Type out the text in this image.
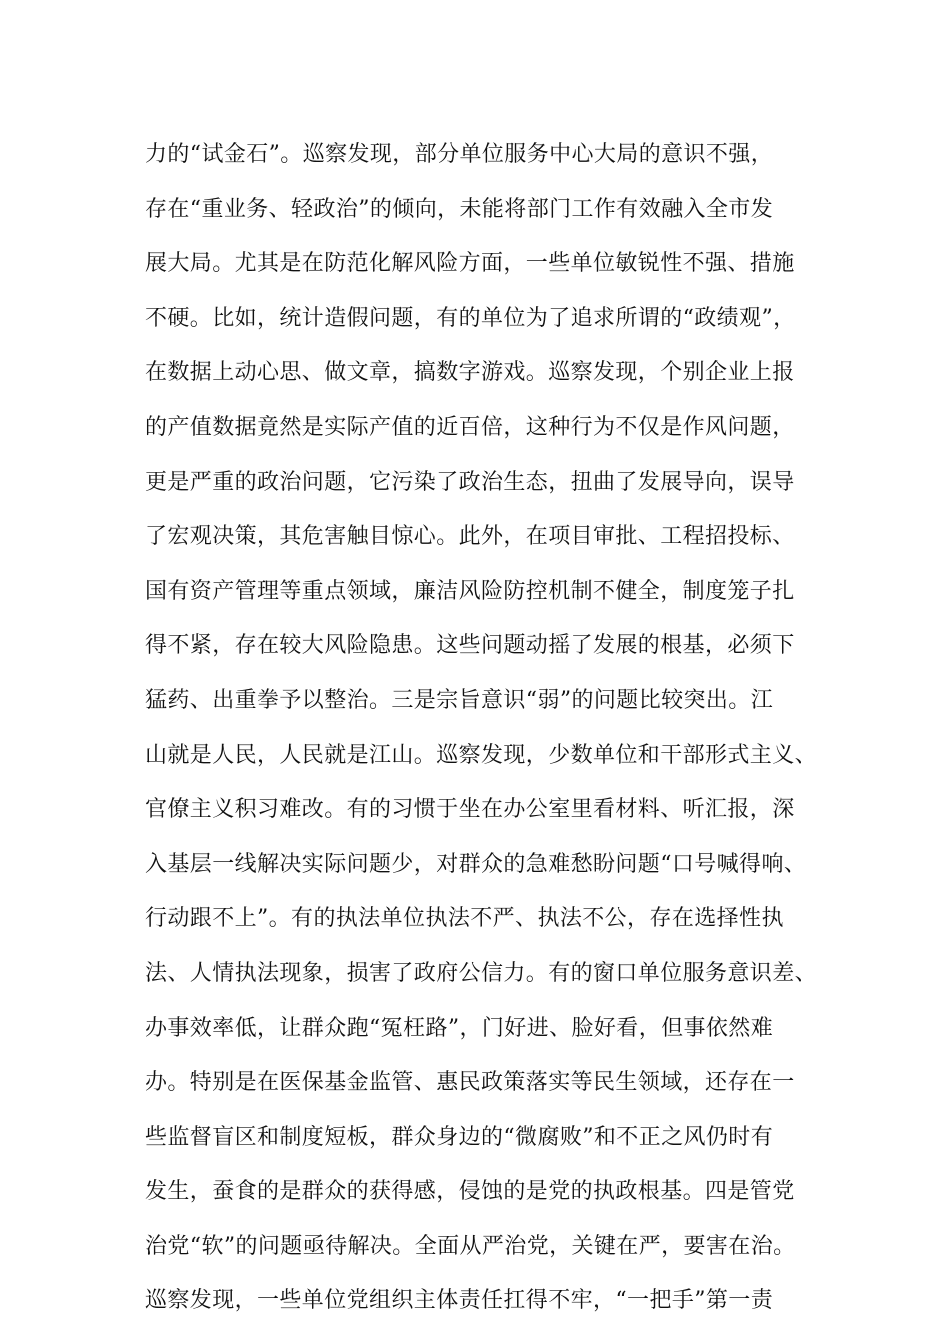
力的“试金石”。巡察发现，部分单位服务中心大局的意识不强，
存在“重业务、轻政治”的倾向，未能将部门工作有效融入全市发
展大局。尤其是在防范化解风险方面，一些单位敏锐性不强、措施
不硬。比如，统计造假问题，有的单位为了追求所谓的“政绩观”，
在数据上动心思、做文章，搞数字游戏。巡察发现，个别企业上报
的产值数据竟然是实际产值的近百倍，这种行为不仅是作风问题，
更是严重的政治问题，它污染了政治生态，扭曲了发展导向，误导
了宏观决策，其危害触目惊心。此外，在项目审批、工程招投标、
国有资产管理等重点领域，廉洁风险防控机制不健全，制度笼子扎
得不紧，存在较大风险隐患。这些问题动摇了发展的根基，必须下
猛药、出重拳予以整治。三是宗旨意识“弱”的问题比较突出。江
山就是人民，人民就是江山。巡察发现，少数单位和干部形式主义、
官僚主义积习难改。有的习惯于坐在办公室里看材料、听汇报，深
入基层一线解决实际问题少，对群众的急难愁盼问题“口号喊得响、
行动跟不上”。有的执法单位执法不严、执法不公，存在选择性执
法、人情执法现象，损害了政府公信力。有的窗口单位服务意识差、
办事效率低，让群众跑“冤枉路”，门好进、脸好看，但事依然难
办。特别是在医保基金监管、惠民政策落实等民生领域，还存在一
些监督盲区和制度短板，群众身边的“微腐败”和不正之风仍时有
发生，蚕食的是群众的获得感，侵蚀的是党的执政根基。四是管党
治党“软”的问题亟待解决。全面从严治党，关键在严，要害在治。
巡察发现，一些单位党组织主体责任扛得不牢，“一把手”第一责
